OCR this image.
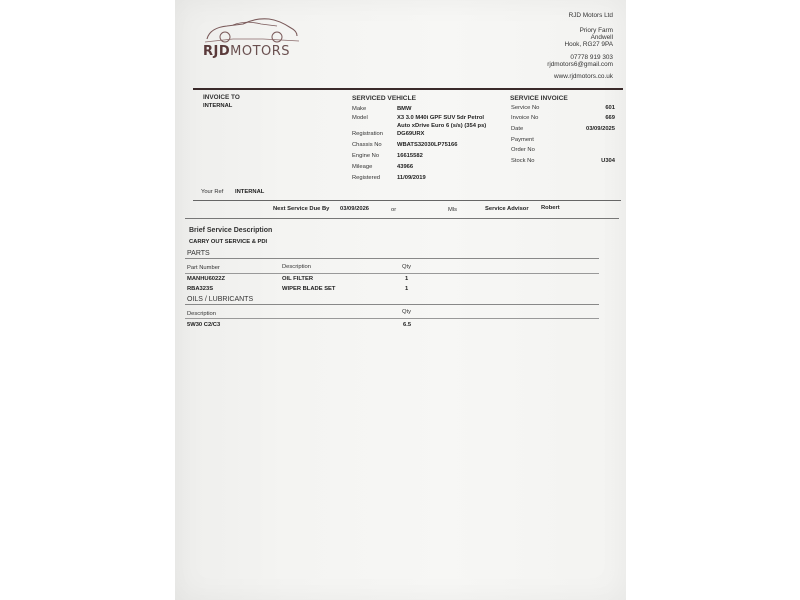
RJDMOTORS
RJD Motors Ltd
Priory Farm
Andwell
Hook, RG27 9PA
07778 919 303
rjdmotors6@gmail.com
www.rjdmotors.co.uk
INVOICE TO
INTERNAL
SERVICED VEHICLE
Make	BMW
Model	X3 3.0 M40i GPF SUV 5dr Petrol
Auto xDrive Euro 6 (s/s) (354 ps)
Registration DG69URX
Chassis No	WBATS32030LP75166
Engine No	16615582
Mileage	43966
Registered	11/09/2019
SERVICE INVOICE
Service No	601
Invoice No	669
Date	03/09/2025
Payment
Order No
Stock No	U304
Your Ref INTERNAL
Next Service Due By 03/09/2026	or	Mls	Service Advisor Robert
Brief Service Description
CARRY OUT SERVICE & PDI
PARTS
Part Number	Description	Qty
MANHU6022Z	OIL FILTER	1
RBA323S	WIPER BLADE SET	1
OILS / LUBRICANTS
Description	Qty
5W30 C2/C3	6.5
